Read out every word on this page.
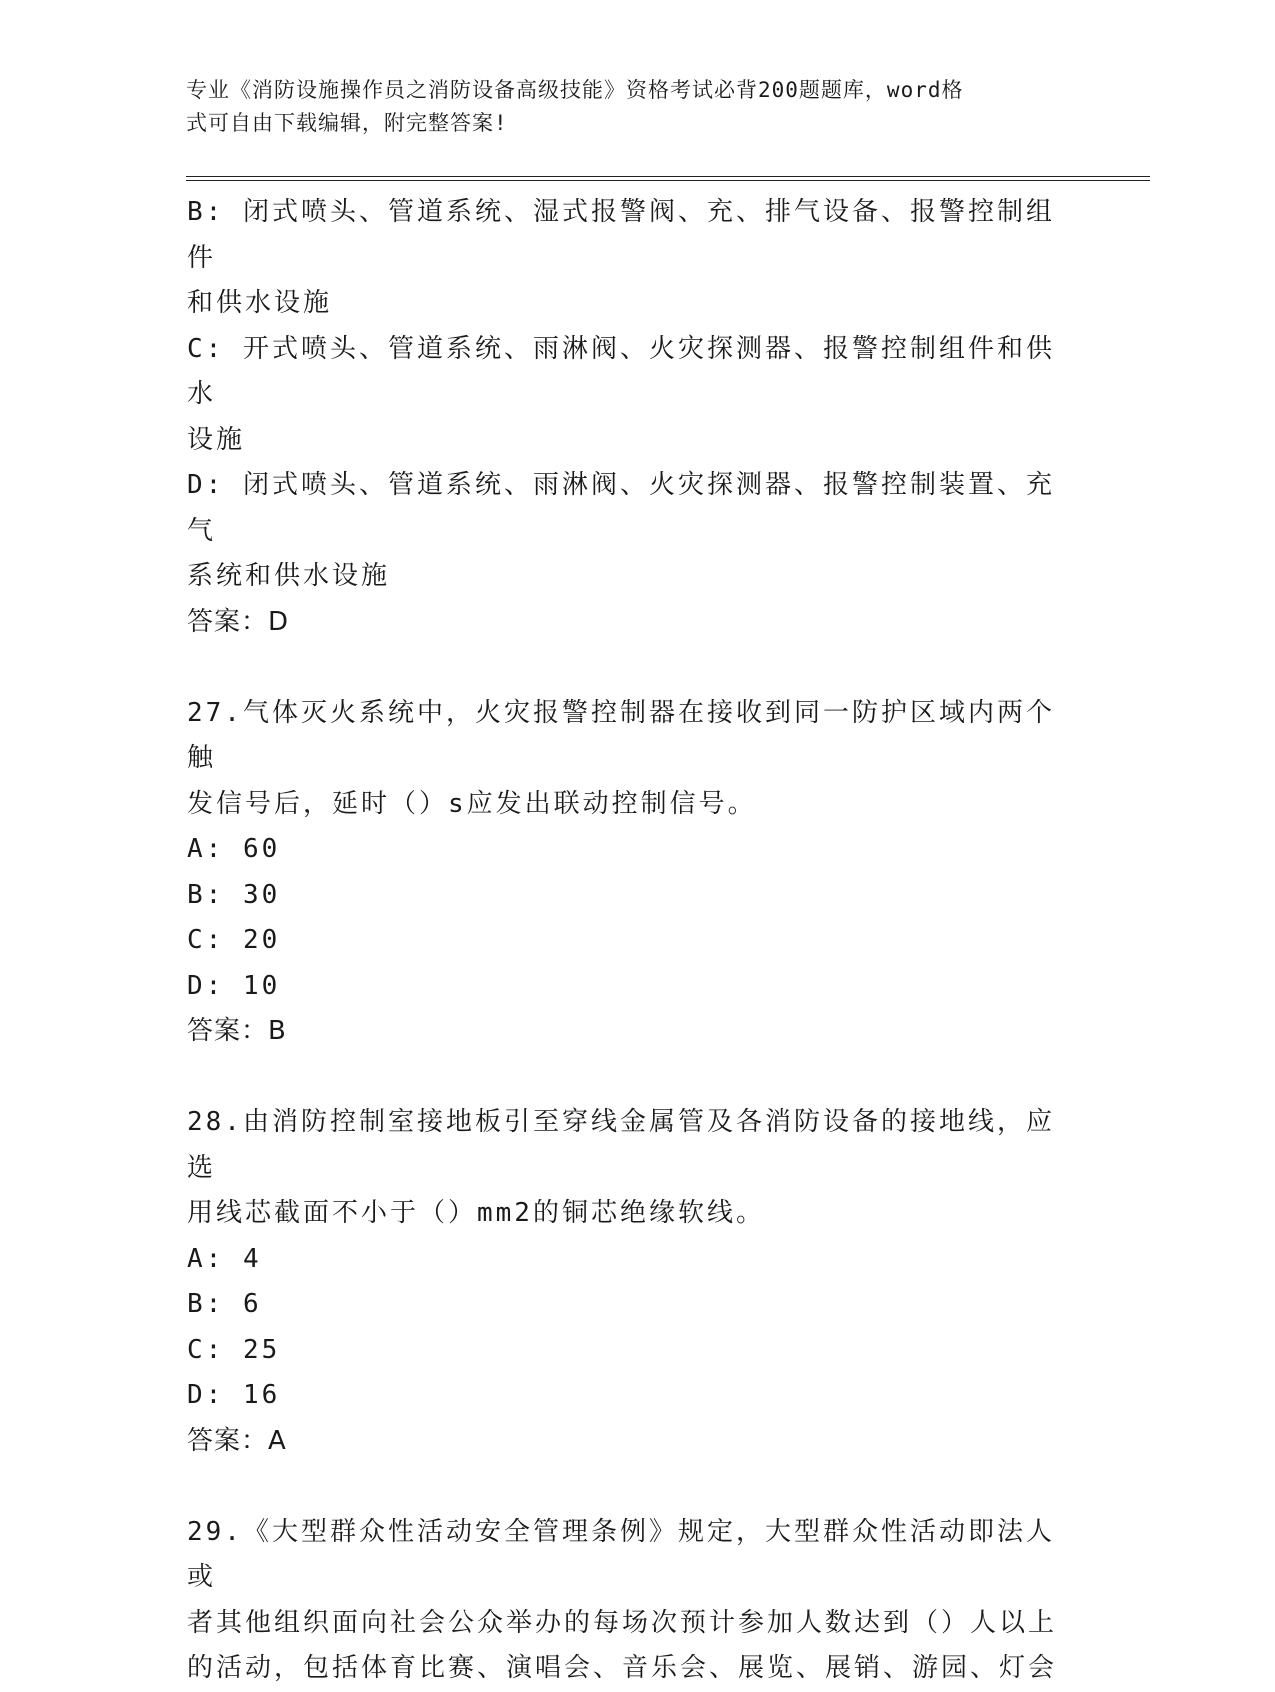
专业《消防设施操作员之消防设备高级技能》资格考试必背200题题库，word格
式可自由下载编辑，附完整答案!
B: 闭式喷头、管道系统、湿式报警阀、充、排气设备、报警控制组件
和供水设施
C: 开式喷头、管道系统、雨淋阀、火灾探测器、报警控制组件和供水
设施
D: 闭式喷头、管道系统、雨淋阀、火灾探测器、报警控制装置、充气
系统和供水设施
答案：D
27.气体灭火系统中，火灾报警控制器在接收到同一防护区域内两个触
发信号后，延时（）s应发出联动控制信号。
A: 60
B: 30
C: 20
D: 10
答案：B
28.由消防控制室接地板引至穿线金属管及各消防设备的接地线，应选
用线芯截面不小于（）mm2的铜芯绝缘软线。
A: 4
B: 6
C: 25
D: 16
答案：A
29.《大型群众性活动安全管理条例》规定，大型群众性活动即法人或
者其他组织面向社会公众举办的每场次预计参加人数达到（）人以上
的活动，包括体育比赛、演唱会、音乐会、展览、展销、游园、灯会
